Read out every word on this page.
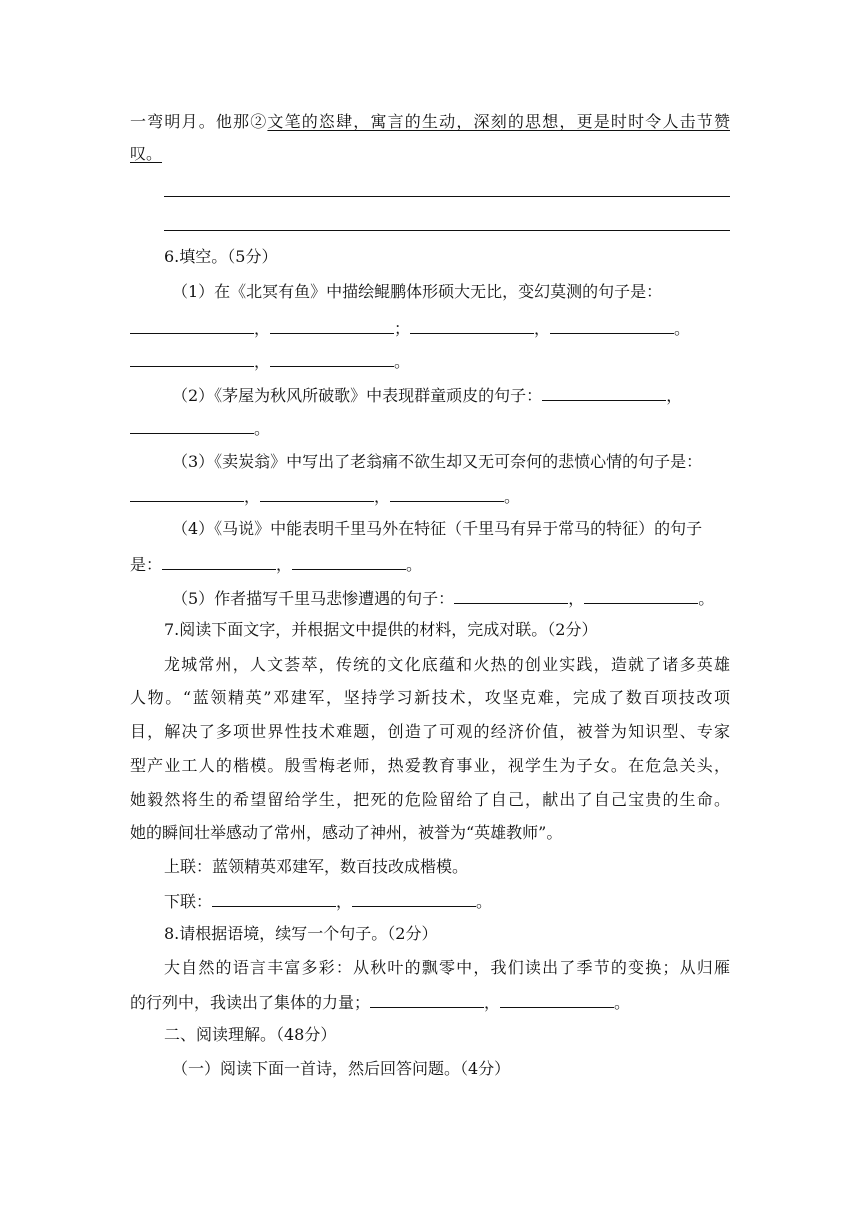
一弯明月。他那②文笔的恣肆，寓言的生动，深刻的思想，更是时时令人击节赞
叹。
6.填空。（5分）
（1）在《北冥有鱼》中描绘鲲鹏体形硕大无比，变幻莫测的句子是：
，	；	，	。
，	。
（2）《茅屋为秋风所破歌》中表现群童顽皮的句子：	，
。
（3）《卖炭翁》中写出了老翁痛不欲生却又无可奈何的悲愤心情的句子是：
，	，	。
（4）《马说》中能表明千里马外在特征（千里马有异于常马的特征）的句子
是：	，	。
（5）作者描写千里马悲惨遭遇的句子：	，	。
7.阅读下面文字，并根据文中提供的材料，完成对联。（2分）
龙城常州，人文荟萃，传统的文化底蕴和火热的创业实践，造就了诸多英雄
人物。“蓝领精英”邓建军，坚持学习新技术，攻坚克难，完成了数百项技改项
目，解决了多项世界性技术难题，创造了可观的经济价值，被誉为知识型、专家
型产业工人的楷模。殷雪梅老师，热爱教育事业，视学生为子女。在危急关头，
她毅然将生的希望留给学生，把死的危险留给了自己，献出了自己宝贵的生命。
她的瞬间壮举感动了常州，感动了神州，被誉为“英雄教师”。
上联：蓝领精英邓建军，数百技改成楷模。
下联：	，	。
8.请根据语境，续写一个句子。（2分）
大自然的语言丰富多彩：从秋叶的飘零中，我们读出了季节的变换；从归雁
的行列中，我读出了集体的力量；	，	。
二、阅读理解。（48分）
（一）阅读下面一首诗，然后回答问题。（4分）
